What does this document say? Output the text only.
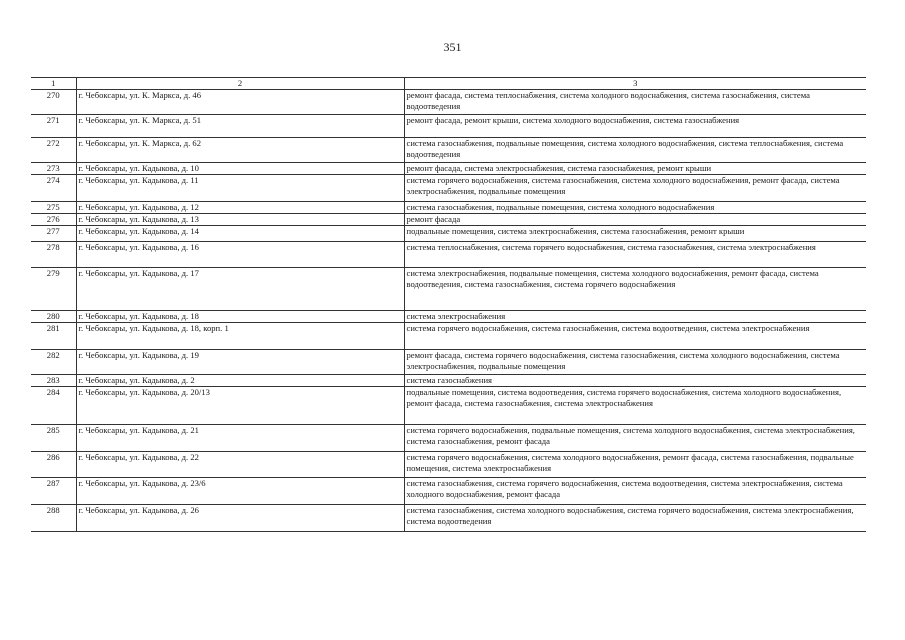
351
1	2	3
270	г. Чебоксары, ул. К. Маркса, д. 46	ремонт фасада, система теплоснабжения, система холодного водоснабжения, система газоснабжения, система водоотведения
271	г. Чебоксары, ул. К. Маркса, д. 51	ремонт фасада, ремонт крыши, система холодного водоснабжения, система газоснабжения
272	г. Чебоксары, ул. К. Маркса, д. 62	система газоснабжения, подвальные помещения, система холодного водоснабжения, система теплоснабжения, система водоотведения
273	г. Чебоксары, ул. Кадыкова, д. 10	ремонт фасада, система электроснабжения, система газоснабжения, ремонт крыши
274	г. Чебоксары, ул. Кадыкова, д. 11	система горячего водоснабжения, система газоснабжения, система холодного водоснабжения, ремонт фасада, система электроснабжения, подвальные помещения
275	г. Чебоксары, ул. Кадыкова, д. 12	система газоснабжения, подвальные помещения, система холодного водоснабжения
276	г. Чебоксары, ул. Кадыкова, д. 13	ремонт фасада
277	г. Чебоксары, ул. Кадыкова, д. 14	подвальные помещения, система электроснабжения, система газоснабжения, ремонт крыши
278	г. Чебоксары, ул. Кадыкова, д. 16	система теплоснабжения, система горячего водоснабжения, система газоснабжения, система электроснабжения
279	г. Чебоксары, ул. Кадыкова, д. 17	система электроснабжения, подвальные помещения, система холодного водоснабжения, ремонт фасада, система водоотведения, система газоснабжения, система горячего водоснабжения
280	г. Чебоксары, ул. Кадыкова, д. 18	система электроснабжения
281	г. Чебоксары, ул. Кадыкова, д. 18, корп. 1	система горячего водоснабжения, система газоснабжения, система водоотведения, система электроснабжения
282	г. Чебоксары, ул. Кадыкова, д. 19	ремонт фасада, система горячего водоснабжения, система газоснабжения, система холодного водоснабжения, система электроснабжения, подвальные помещения
283	г. Чебоксары, ул. Кадыкова, д. 2	система газоснабжения
284	г. Чебоксары, ул. Кадыкова, д. 20/13	подвальные помещения, система водоотведения, система горячего водоснабжения, система холодного водоснабжения, ремонт фасада, система газоснабжения, система электроснабжения
285	г. Чебоксары, ул. Кадыкова, д. 21	система горячего водоснабжения, подвальные помещения, система холодного водоснабжения, система электроснабжения, система газоснабжения, ремонт фасада
286	г. Чебоксары, ул. Кадыкова, д. 22	система горячего водоснабжения, система холодного водоснабжения, ремонт фасада, система газоснабжения, подвальные помещения, система электроснабжения
287	г. Чебоксары, ул. Кадыкова, д. 23/6	система газоснабжения, система горячего водоснабжения, система водоотведения, система электроснабжения, система холодного водоснабжения, ремонт фасада
288	г. Чебоксары, ул. Кадыкова, д. 26	система газоснабжения, система холодного водоснабжения, система горячего водоснабжения, система электроснабжения, система водоотведения
